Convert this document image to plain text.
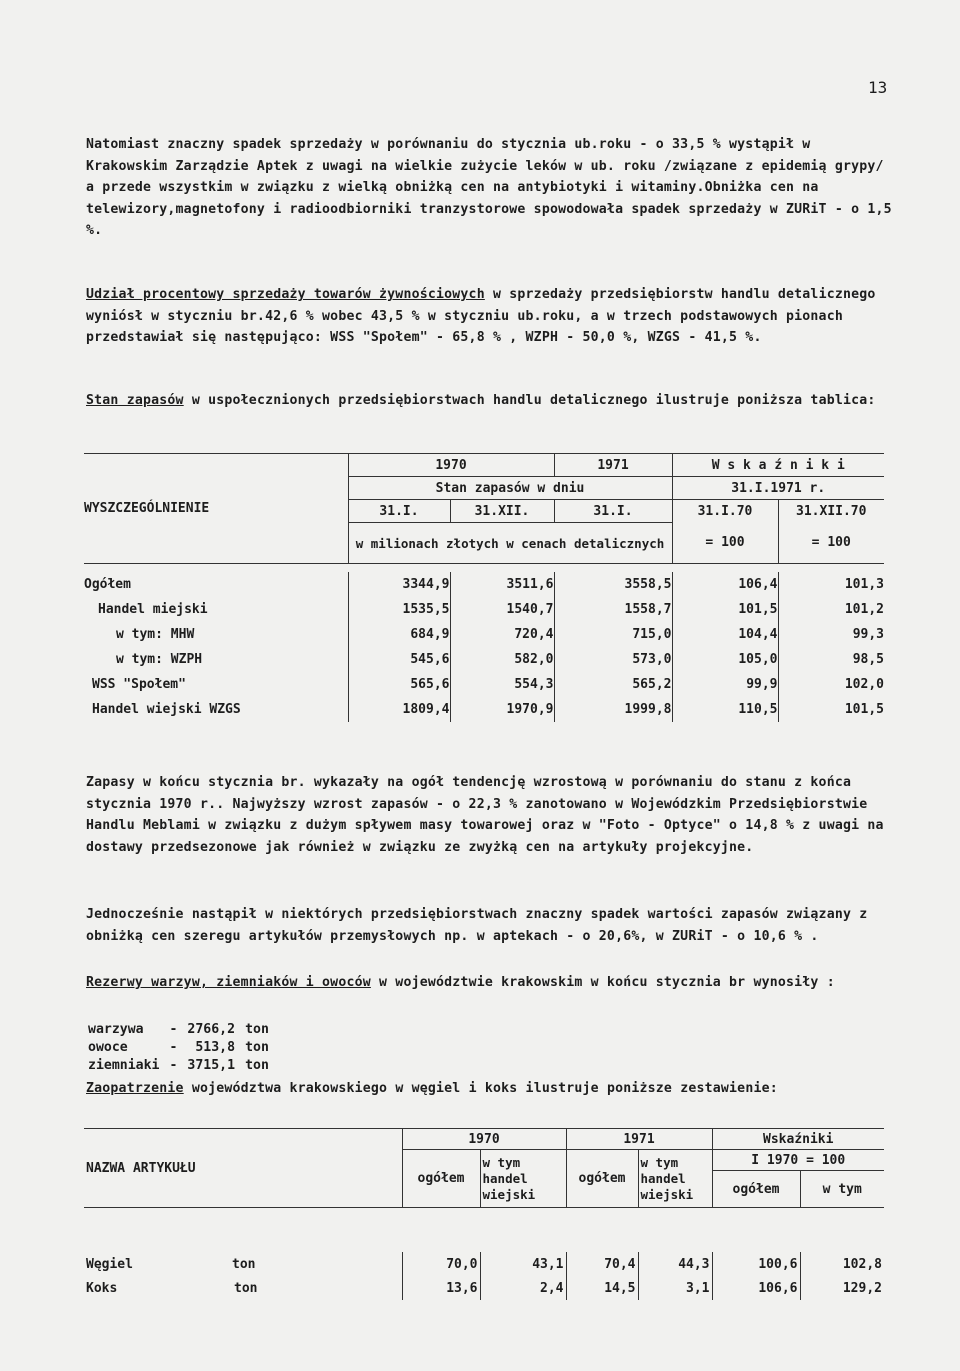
13

Natomiast znaczny spadek sprzedaży w porównaniu do stycznia ub.roku - o 33,5 % wystąpił w Krakowskim Zarządzie Aptek z uwagi na wielkie zużycie leków w ub. roku /związane z epidemią grypy/ a przede wszystkim w związku z wielką obniżką cen na antybiotyki i witaminy.Obniżka cen na telewizory,magnetofony i radioodbiorniki tranzystorowe spowodowała spadek sprzedaży w ZURiT - o 1,5 %.

Udział procentowy sprzedaży towarów żywnościowych w sprzedaży przedsiębiorstw handlu detalicznego wyniósł w styczniu br.42,6 % wobec 43,5 % w styczniu ub.roku, a w trzech podstawowych pionach przedstawiał się następująco: WSS "Społem" - 65,8 % , WZPH - 50,0 %, WZGS - 41,5 %.

Stan zapasów w uspołecznionych przedsiębiorstwach handlu detalicznego ilustruje poniższa tablica:

WYSZCZEGÓLNIENIE	1970		1971	W s k a ź n i k i	
	Stan zapasów w dniu			31.I.1971 r.	
	31.I.	31.XII.	31.I.	31.I.70	31.XII.70
	w milionach złotych w cenach detalicznych			= 100	= 100

Ogółem	3344,9	3511,6	3558,5	106,4	101,3
Handel miejski	1535,5	1540,7	1558,7	101,5	101,2
w tym: MHW	684,9	720,4	715,0	104,4	99,3
w tym: WZPH	545,6	582,0	573,0	105,0	98,5
WSS "Społem"	565,6	554,3	565,2	99,9	102,0
Handel wiejski WZGS	1809,4	1970,9	1999,8	110,5	101,5

Zapasy w końcu stycznia br. wykazały na ogół tendencję wzrostową w porównaniu do stanu z końca stycznia 1970 r.. Najwyższy wzrost zapasów - o 22,3 % zanotowano w Wojewódzkim Przedsiębiorstwie Handlu Meblami w związku z dużym spływem masy towarowej oraz w "Foto - Optyce" o 14,8 % z uwagi na dostawy przedsezonowe jak również w związku ze zwyżką cen na artykuły projekcyjne.

Jednocześnie nastąpił w niektórych przedsiębiorstwach znaczny spadek wartości zapasów związany z obniżką cen szeregu artykułów przemysłowych np. w aptekach - o 20,6%, w ZURiT - o 10,6 % .

Rezerwy warzyw, ziemniaków i owoców w województwie krakowskim w końcu stycznia br wynosiły :

warzywa	-	2766,2	ton
owoce	-	513,8	ton
ziemniaki	-	3715,1	ton

Zaopatrzenie województwa krakowskiego w węgiel i koks ilustruje poniższe zestawienie:

NAZWA ARTYKUŁU		1970		1971		Wskaźniki	
		ogółem	w tym handel wiejski	ogółem	w tym handel wiejski	I 1970 = 100	
						ogółem	w tym

Węgiel	ton	70,0	43,1	70,4	44,3	100,6	102,8
Koks	ton	13,6	2,4	14,5	3,1	106,6	129,2
